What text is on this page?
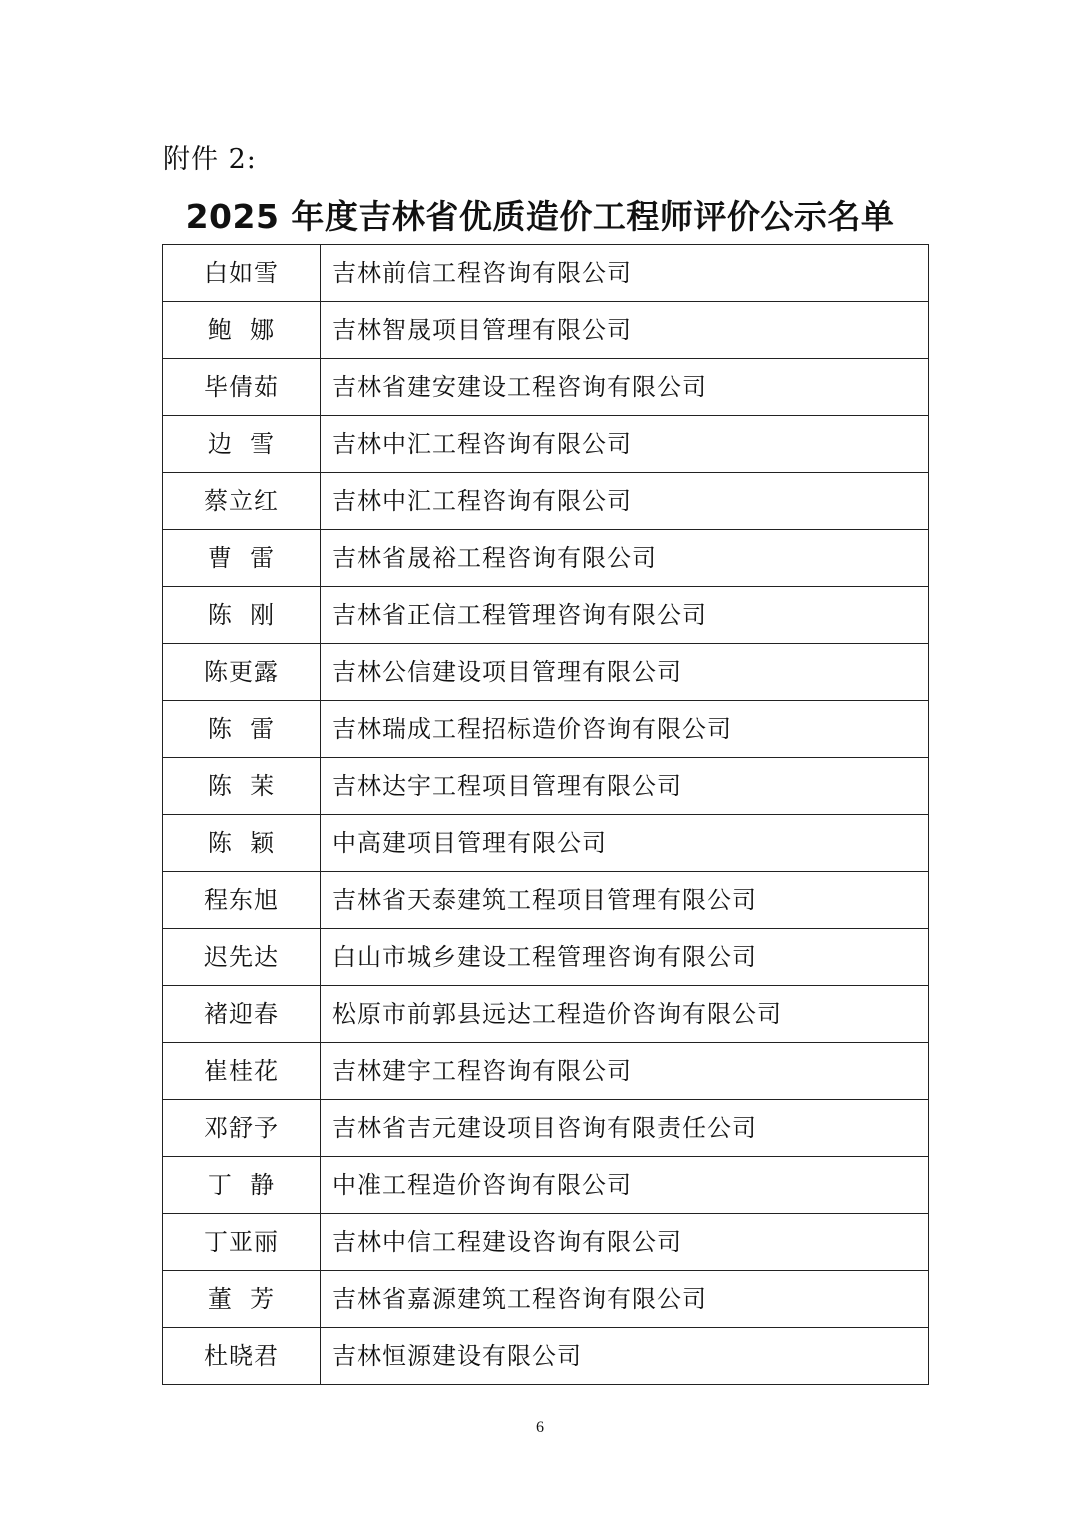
附件 2:
2025 年度吉林省优质造价工程师评价公示名单
白如雪	吉林前信工程咨询有限公司
鲍  娜	吉林智晟项目管理有限公司
毕倩茹	吉林省建安建设工程咨询有限公司
边  雪	吉林中汇工程咨询有限公司
蔡立红	吉林中汇工程咨询有限公司
曹  雷	吉林省晟裕工程咨询有限公司
陈  刚	吉林省正信工程管理咨询有限公司
陈更露	吉林公信建设项目管理有限公司
陈  雷	吉林瑞成工程招标造价咨询有限公司
陈  茉	吉林达宇工程项目管理有限公司
陈  颖	中高建项目管理有限公司
程东旭	吉林省天泰建筑工程项目管理有限公司
迟先达	白山市城乡建设工程管理咨询有限公司
褚迎春	松原市前郭县远达工程造价咨询有限公司
崔桂花	吉林建宇工程咨询有限公司
邓舒予	吉林省吉元建设项目咨询有限责任公司
丁  静	中准工程造价咨询有限公司
丁亚丽	吉林中信工程建设咨询有限公司
董  芳	吉林省嘉源建筑工程咨询有限公司
杜晓君	吉林恒源建设有限公司
6
